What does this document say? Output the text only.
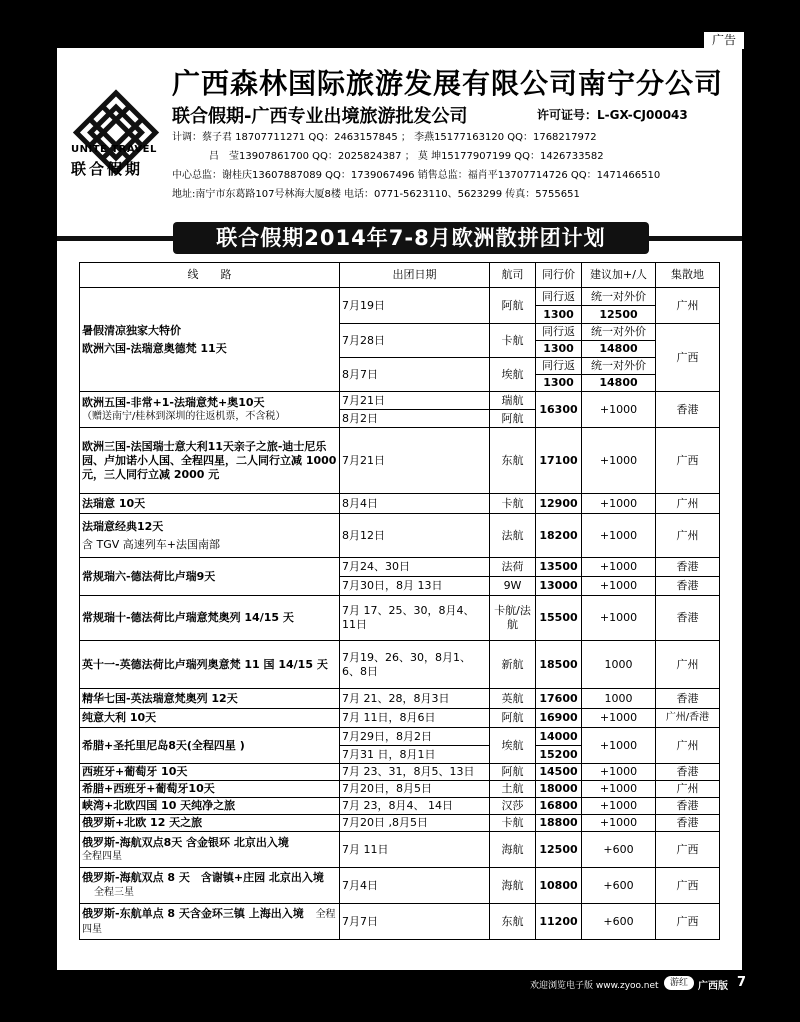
广告
UNITE TRAVEL
联合假期
广西森林国际旅游发展有限公司南宁分公司
联合假期-广西专业出境旅游批发公司	许可证号：L-GX-CJ00043
计调：蔡子君 18707711271 QQ：2463157845 ； 李燕15177163120 QQ：1768217972
吕　莹13907861700 QQ：2025824387 ； 莫 坤15177907199 QQ：1426733582
中心总监：谢桂庆13607887089 QQ：1739067496 销售总监：福肖平13707714726 QQ：1471466510
地址:南宁市东葛路107号林海大厦8楼 电话：0771-5623110、5623299 传真：5755651
联合假期2014年7-8月欧洲散拼团计划
线　　路	出团日期	航司	同行价	建议加+/人	集散地

暑假清凉独家大特价
欧洲六国-法瑞意奥德梵 11天	7月19日	阿航	同行返	统一对外价	广州
			1300	12500	
	7月28日	卡航	同行返	统一对外价	广西
			1300	14800	
	8月7日	埃航	同行返	统一对外价	
			1300	14800	

欧洲五国-非常+1-法瑞意梵+奥10天
（赠送南宁/桂林到深圳的往返机票，不含税）	7月21日	瑞航	16300	+1000	香港
	8月2日	阿航			
欧洲三国-法国瑞士意大利11天亲子之旅-迪士尼乐园、卢加诺小人国、全程四星，二人同行立减 1000 元，三人同行立减 2000 元	7月21日	东航	17100	+1000	广西
法瑞意 10天	8月4日	卡航	12900	+1000	广州

法瑞意经典12天
含 TGV 高速列车+法国南部	8月12日	法航	18200	+1000	广州
常规瑞六-德法荷比卢瑞9天	7月24、30日	法荷	13500	+1000	香港
	7月30日，8月 13日	9W	13000	+1000	香港
常规瑞十-德法荷比卢瑞意梵奥列 14/15 天	7月 17、25、30，8月4、11日	卡航/法航	15500	+1000	香港
英十一-英德法荷比卢瑞列奥意梵 11 国 14/15 天	7月19、26、30，8月1、6、8日	新航	18500	1000	广州
精华七国-英法瑞意梵奥列 12天	7月 21、28，8月3日	英航	17600	1000	香港
纯意大利 10天	7月 11日，8月6日	阿航	16900	+1000	广州/香港
希腊+圣托里尼岛8天(全程四星 )	7月29日，8月2日	埃航	14000	+1000	广州
	7月31 日，8月1日		15200		
西班牙+葡萄牙 10天	7月 23、31，8月5、13日	阿航	14500	+1000	香港
希腊+西班牙+葡萄牙10天	7月20日，8月5日	土航	18000	+1000	广州
峡湾+北欧四国 10 天纯净之旅	7月 23，8月4、 14日	汉莎	16800	+1000	香港
俄罗斯+北欧 12 天之旅	7月20日 ,8月5日	卡航	18800	+1000	香港

俄罗斯-海航双点8天 含金银环 北京出入境
全程四星	7月 11日	海航	12500	+600	广西
俄罗斯-海航双点 8 天　含谢镇+庄园 北京出入境 全程三星	7月4日	海航	10800	+600	广西
俄罗斯-东航单点 8 天含金环三镇 上海出入境 全程四星	7月7日	东航	11200	+600	广西
欢迎浏览电子版 www.zyoo.net	游红	广西版 7
